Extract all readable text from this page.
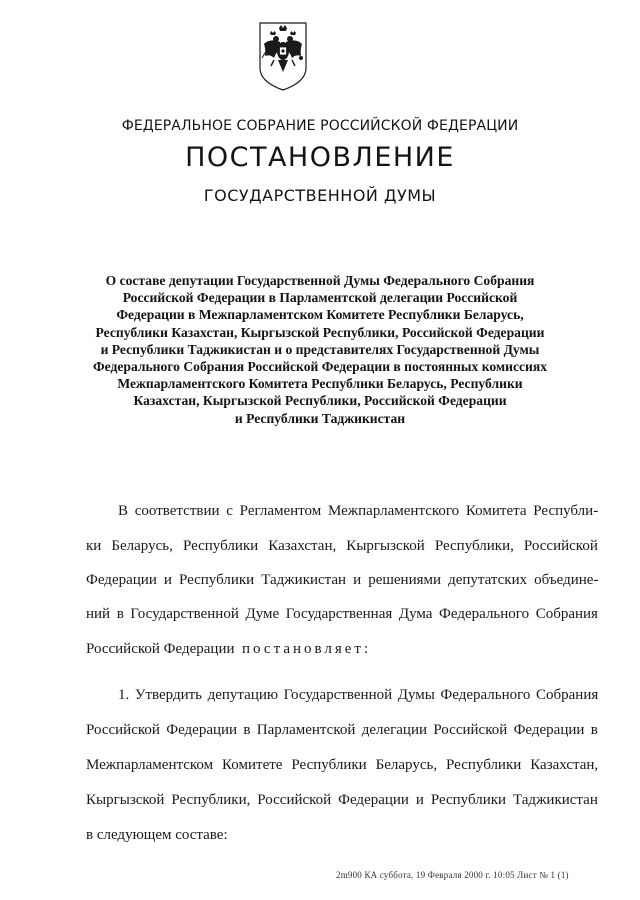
ФЕДЕРАЛЬНОЕ СОБРАНИЕ РОССИЙСКОЙ ФЕДЕРАЦИИ
ПОСТАНОВЛЕНИЕ
ГОСУДАРСТВЕННОЙ ДУМЫ
О составе депутации Государственной Думы Федерального Собрания
Российской Федерации в Парламентской делегации Российской
Федерации в Межпарламентском Комитете Республики Беларусь,
Республики Казахстан, Кыргызской Республики, Российской Федерации
и Республики Таджикистан и о представителях Государственной Думы
Федерального Собрания Российской Федерации в постоянных комиссиях
Межпарламентского Комитета Республики Беларусь, Республики
Казахстан, Кыргызской Республики, Российской Федерации
и Республики Таджикистан
В соответствии с Регламентом Межпарламентского Комитета Республи-
ки Беларусь, Республики Казахстан, Кыргызской Республики, Российской
Федерации и Республики Таджикистан и решениями депутатских объедине-
ний в Государственной Думе Государственная Дума Федерального Собрания
Российской Федерации постановляет:
1. Утвердить депутацию Государственной Думы Федерального Собрания
Российской Федерации в Парламентской делегации Российской Федерации в
Межпарламентском Комитете Республики Беларусь, Республики Казахстан,
Кыргызской Республики, Российской Федерации и Республики Таджикистан
в следующем составе:
2m900 КА суббота, 19 Февраля 2000 г. 10:05 Лист № 1 (1)
